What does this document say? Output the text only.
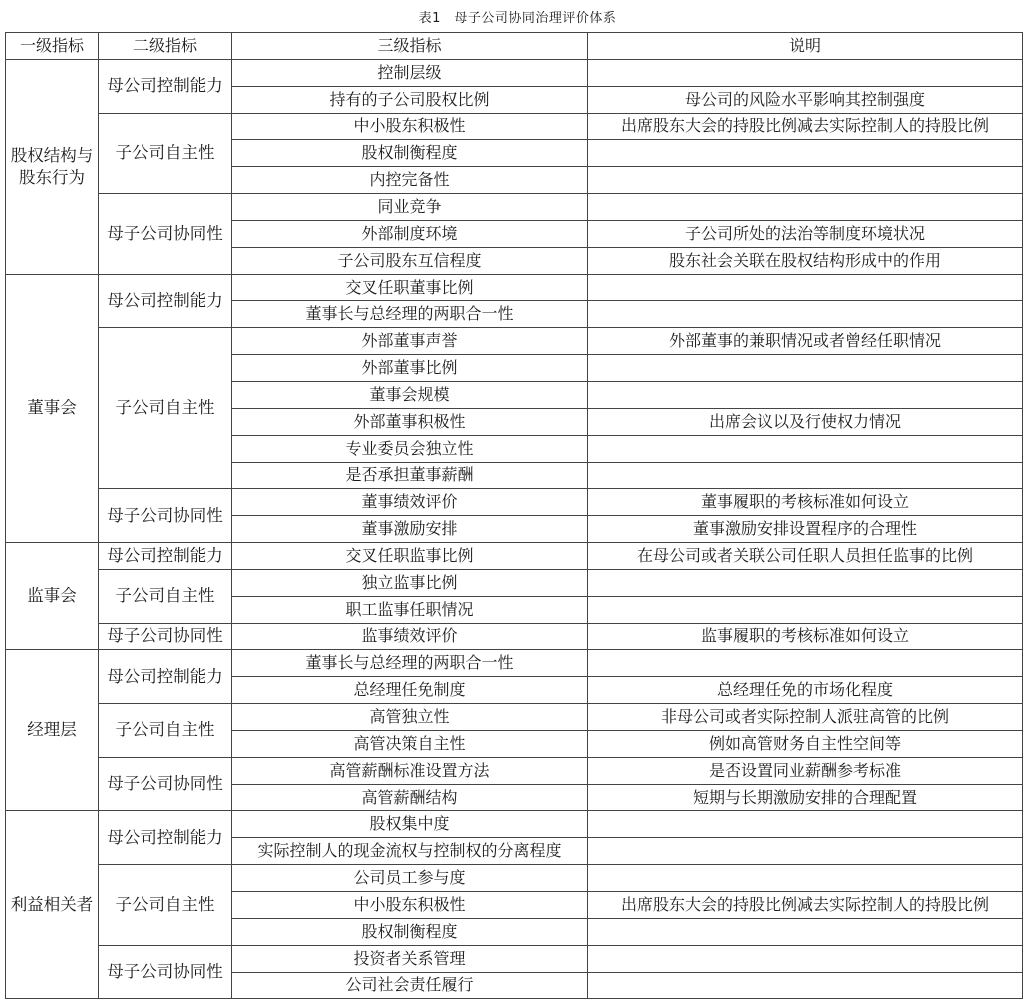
表1　母子公司协同治理评价体系
一级指标	二级指标	三级指标	说明
股权结构与股东行为	母公司控制能力	控制层级	
		持有的子公司股权比例	母公司的风险水平影响其控制强度
	子公司自主性	中小股东积极性	出席股东大会的持股比例减去实际控制人的持股比例
		股权制衡程度	
		内控完备性	
	母子公司协同性	同业竞争	
		外部制度环境	子公司所处的法治等制度环境状况
		子公司股东互信程度	股东社会关联在股权结构形成中的作用
董事会	母公司控制能力	交叉任职董事比例	
		董事长与总经理的两职合一性	
	子公司自主性	外部董事声誉	外部董事的兼职情况或者曾经任职情况
		外部董事比例	
		董事会规模	
		外部董事积极性	出席会议以及行使权力情况
		专业委员会独立性	
		是否承担董事薪酬	
	母子公司协同性	董事绩效评价	董事履职的考核标准如何设立
		董事激励安排	董事激励安排设置程序的合理性
监事会	母公司控制能力	交叉任职监事比例	在母公司或者关联公司任职人员担任监事的比例
	子公司自主性	独立监事比例	
		职工监事任职情况	
	母子公司协同性	监事绩效评价	监事履职的考核标准如何设立
经理层	母公司控制能力	董事长与总经理的两职合一性	
		总经理任免制度	总经理任免的市场化程度
	子公司自主性	高管独立性	非母公司或者实际控制人派驻高管的比例
		高管决策自主性	例如高管财务自主性空间等
	母子公司协同性	高管薪酬标准设置方法	是否设置同业薪酬参考标准
		高管薪酬结构	短期与长期激励安排的合理配置
利益相关者	母公司控制能力	股权集中度	
		实际控制人的现金流权与控制权的分离程度	
	子公司自主性	公司员工参与度	
		中小股东积极性	出席股东大会的持股比例减去实际控制人的持股比例
		股权制衡程度	
	母子公司协同性	投资者关系管理	
		公司社会责任履行	
